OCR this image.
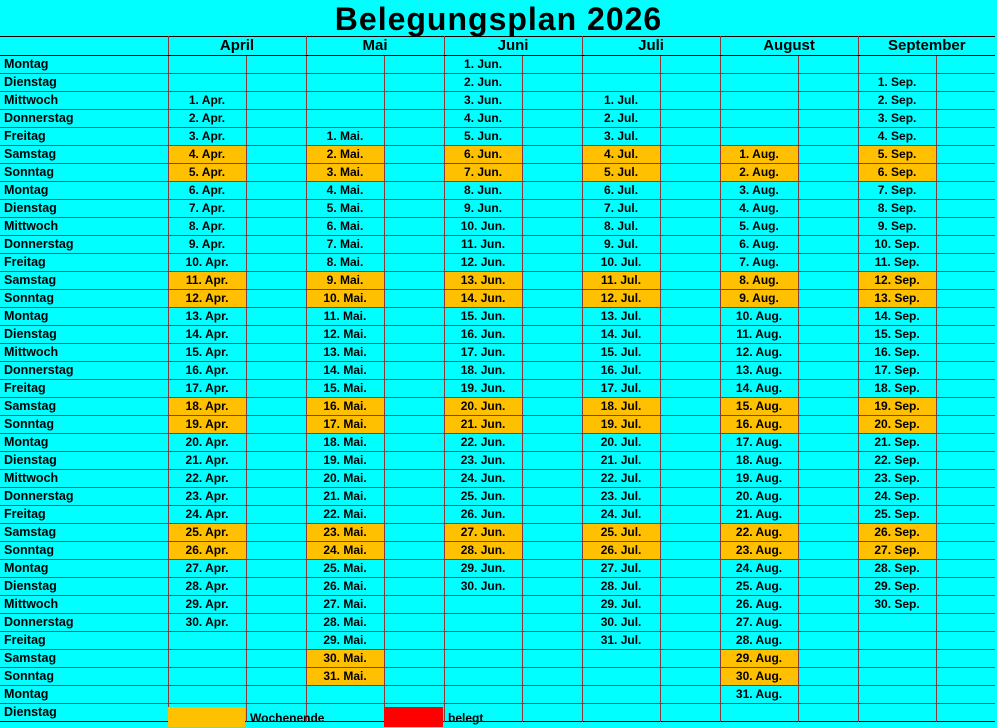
Belegungsplan 2026
	April		Mai		Juni		Juli		August		September	
Montag					1. Jun.							
Dienstag					2. Jun.						1. Sep.	
Mittwoch	1. Apr.				3. Jun.		1. Jul.				2. Sep.	
Donnerstag	2. Apr.				4. Jun.		2. Jul.				3. Sep.	
Freitag	3. Apr.		1. Mai.		5. Jun.		3. Jul.				4. Sep.	
Samstag	4. Apr.		2. Mai.		6. Jun.		4. Jul.		1. Aug.		5. Sep.	
Sonntag	5. Apr.		3. Mai.		7. Jun.		5. Jul.		2. Aug.		6. Sep.	
Montag	6. Apr.		4. Mai.		8. Jun.		6. Jul.		3. Aug.		7. Sep.	
Dienstag	7. Apr.		5. Mai.		9. Jun.		7. Jul.		4. Aug.		8. Sep.	
Mittwoch	8. Apr.		6. Mai.		10. Jun.		8. Jul.		5. Aug.		9. Sep.	
Donnerstag	9. Apr.		7. Mai.		11. Jun.		9. Jul.		6. Aug.		10. Sep.	
Freitag	10. Apr.		8. Mai.		12. Jun.		10. Jul.		7. Aug.		11. Sep.	
Samstag	11. Apr.		9. Mai.		13. Jun.		11. Jul.		8. Aug.		12. Sep.	
Sonntag	12. Apr.		10. Mai.		14. Jun.		12. Jul.		9. Aug.		13. Sep.	
Montag	13. Apr.		11. Mai.		15. Jun.		13. Jul.		10. Aug.		14. Sep.	
Dienstag	14. Apr.		12. Mai.		16. Jun.		14. Jul.		11. Aug.		15. Sep.	
Mittwoch	15. Apr.		13. Mai.		17. Jun.		15. Jul.		12. Aug.		16. Sep.	
Donnerstag	16. Apr.		14. Mai.		18. Jun.		16. Jul.		13. Aug.		17. Sep.	
Freitag	17. Apr.		15. Mai.		19. Jun.		17. Jul.		14. Aug.		18. Sep.	
Samstag	18. Apr.		16. Mai.		20. Jun.		18. Jul.		15. Aug.		19. Sep.	
Sonntag	19. Apr.		17. Mai.		21. Jun.		19. Jul.		16. Aug.		20. Sep.	
Montag	20. Apr.		18. Mai.		22. Jun.		20. Jul.		17. Aug.		21. Sep.	
Dienstag	21. Apr.		19. Mai.		23. Jun.		21. Jul.		18. Aug.		22. Sep.	
Mittwoch	22. Apr.		20. Mai.		24. Jun.		22. Jul.		19. Aug.		23. Sep.	
Donnerstag	23. Apr.		21. Mai.		25. Jun.		23. Jul.		20. Aug.		24. Sep.	
Freitag	24. Apr.		22. Mai.		26. Jun.		24. Jul.		21. Aug.		25. Sep.	
Samstag	25. Apr.		23. Mai.		27. Jun.		25. Jul.		22. Aug.		26. Sep.	
Sonntag	26. Apr.		24. Mai.		28. Jun.		26. Jul.		23. Aug.		27. Sep.	
Montag	27. Apr.		25. Mai.		29. Jun.		27. Jul.		24. Aug.		28. Sep.	
Dienstag	28. Apr.		26. Mai.		30. Jun.		28. Jul.		25. Aug.		29. Sep.	
Mittwoch	29. Apr.		27. Mai.				29. Jul.		26. Aug.		30. Sep.	
Donnerstag	30. Apr.		28. Mai.				30. Jul.		27. Aug.			
Freitag			29. Mai.				31. Jul.		28. Aug.			
Samstag			30. Mai.						29. Aug.			
Sonntag			31. Mai.						30. Aug.			
Montag									31. Aug.			
Dienstag													Wochenende	belegt
